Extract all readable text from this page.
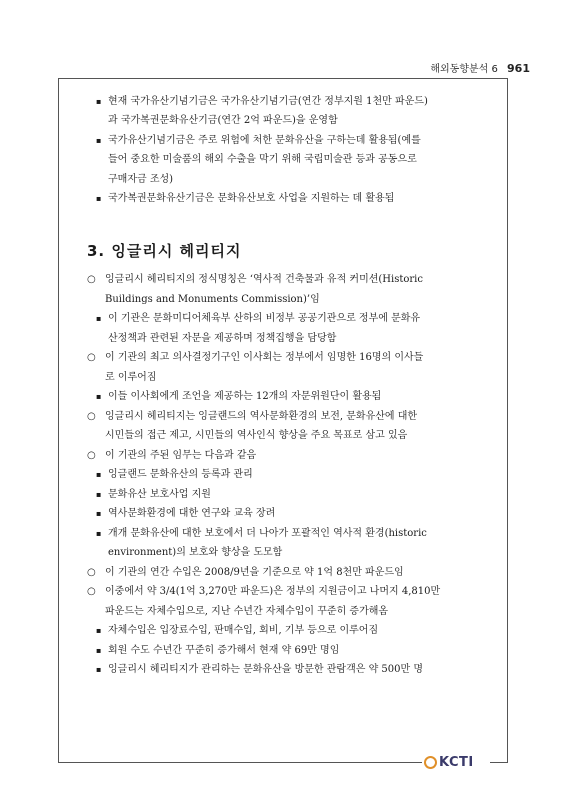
해외동향분석 6 961
3. 잉글리시 헤리티지
▪ 현재 국가유산기념기금은 국가유산기념기금(연간 정부지원 1천만 파운드)
과 국가복권문화유산기금(연간 2억 파운드)을 운영함
▪ 국가유산기념기금은 주로 위험에 처한 문화유산을 구하는데 활용됨(예를
들어 중요한 미술품의 해외 수출을 막기 위해 국립미술관 등과 공동으로
구매자금 조성)
▪ 국가복권문화유산기금은 문화유산보호 사업을 지원하는 데 활용됨
○ 잉글리시 헤리티지의 정식명칭은 ‘역사적 건축물과 유적 커미션(Historic
Buildings and Monuments Commission)’임
▪ 이 기관은 문화미디어체육부 산하의 비정부 공공기관으로 정부에 문화유
산정책과 관련된 자문을 제공하며 정책집행을 담당함
○ 이 기관의 최고 의사결정기구인 이사회는 정부에서 임명한 16명의 이사들
로 이루어짐
▪ 이들 이사회에게 조언을 제공하는 12개의 자문위원단이 활용됨
○ 잉글리시 헤리티지는 잉글랜드의 역사문화환경의 보전, 문화유산에 대한
시민들의 접근 제고, 시민들의 역사인식 향상을 주요 목표로 삼고 있음
○ 이 기관의 주된 임무는 다음과 같음
▪ 잉글랜드 문화유산의 등록과 관리
▪ 문화유산 보호사업 지원
▪ 역사문화환경에 대한 연구와 교육 장려
▪ 개개 문화유산에 대한 보호에서 더 나아가 포괄적인 역사적 환경(historic
environment)의 보호와 향상을 도모함
○ 이 기관의 연간 수입은 2008/9년을 기준으로 약 1억 8천만 파운드임
○ 이중에서 약 3/4(1억 3,270만 파운드)은 정부의 지원금이고 나머지 4,810만
파운드는 자체수입으로, 지난 수년간 자체수입이 꾸준히 증가해옴
▪ 자체수입은 입장료수입, 판매수입, 회비, 기부 등으로 이루어짐
▪ 회원 수도 수년간 꾸준히 증가해서 현재 약 69만 명임
▪ 잉글리시 헤리티지가 관리하는 문화유산을 방문한 관람객은 약 500만 명
KCTI
